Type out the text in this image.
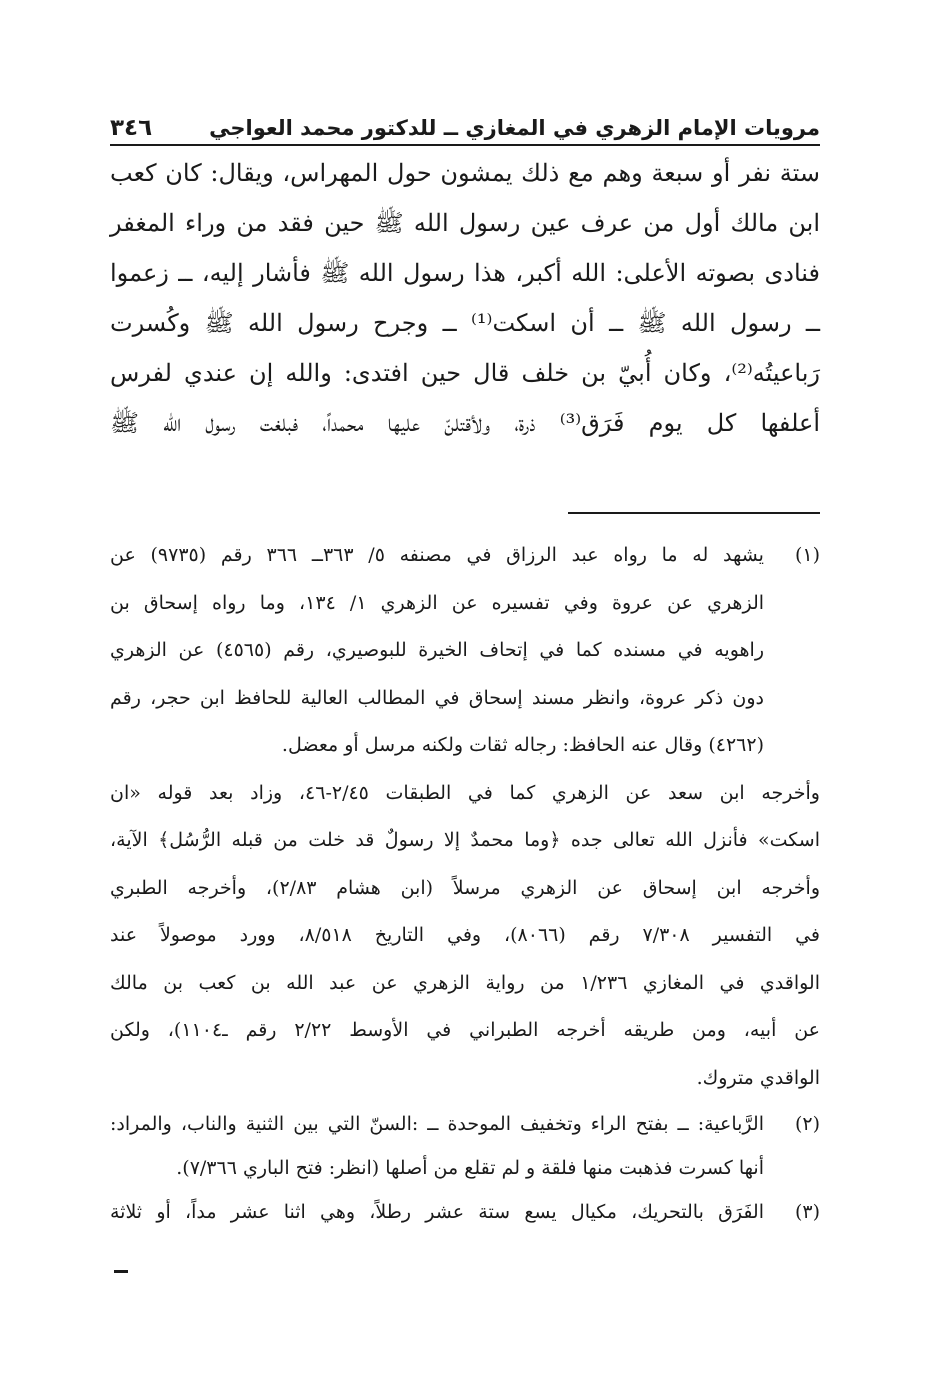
مرويات الإمام الزهري في المغازي ــ للدكتور محمد العواجي
٣٤٦
ستة نفر أو سبعة وهم مع ذلك يمشون حول المهراس، ويقال: كان كعب
ابن مالك أول من عرف عين رسول الله ﷺ حين فقد من وراء المغفر
فنادى بصوته الأعلى: الله أكبر، هذا رسول الله ﷺ فأشار إليه، ــ زعموا
ــ رسول الله ﷺ ــ أن اسكت⁽¹⁾ ــ وجرح رسول الله ﷺ وكُسرت
رَباعيتُه⁽²⁾، وكان أُبيّ بن خلف قال حين افتدى: والله إن عندي لفرس
أعلفها كل يوم فَرَق⁽³⁾ ذرة، ولأقتلنّ عليها محمداً، فبلغت رسول الله ﷺ
(١)
يشهد له ما رواه عبد الرزاق في مصنفه ٥/ ٣٦٣ــ ٣٦٦ رقم (٩٧٣٥) عن
الزهري عن عروة وفي تفسيره عن الزهري ١/ ١٣٤، وما رواه إسحاق بن
راهويه في مسنده كما في إتحاف الخيرة للبوصيري، رقم (٤٥٦٥) عن الزهري
دون ذكر عروة، وانظر مسند إسحاق في المطالب العالية للحافظ ابن حجر، رقم
(٤٢٦٢) وقال عنه الحافظ: رجاله ثقات ولكنه مرسل أو معضل.
وأخرجه ابن سعد عن الزهري كما في الطبقات ٢/٤٥-٤٦، وزاد بعد قوله «ان
اسكت» فأنزل الله تعالى جده ﴿وما محمدٌ إلا رسولٌ قد خلت من قبله الرُّسُل﴾ الآية،
وأخرجه ابن إسحاق عن الزهري مرسلاً (ابن هشام ٢/٨٣)، وأخرجه الطبري
في التفسير ٧/٣٠٨ رقم (٨٠٦٦)، وفي التاريخ ٨/٥١٨، وورد موصولاً عند
الواقدي في المغازي ١/٢٣٦ من رواية الزهري عن عبد الله بن كعب بن مالك
عن أبيه، ومن طريقه أخرجه الطبراني في الأوسط ٢/٢٢ رقم ـ١١٠٤)، ولكن
الواقدي متروك.
(٢)
الرَّباعية: ــ بفتح الراء وتخفيف الموحدة ــ :السنّ التي بين الثنية والناب، والمراد:
أنها كسرت فذهبت منها فلقة و لم تقلع من أصلها (انظر: فتح الباري ٧/٣٦٦).
(٣)
الفَرَق بالتحريك، مكيال يسع ستة عشر رطلاً، وهي اثنا عشر مداً، أو ثلاثة
